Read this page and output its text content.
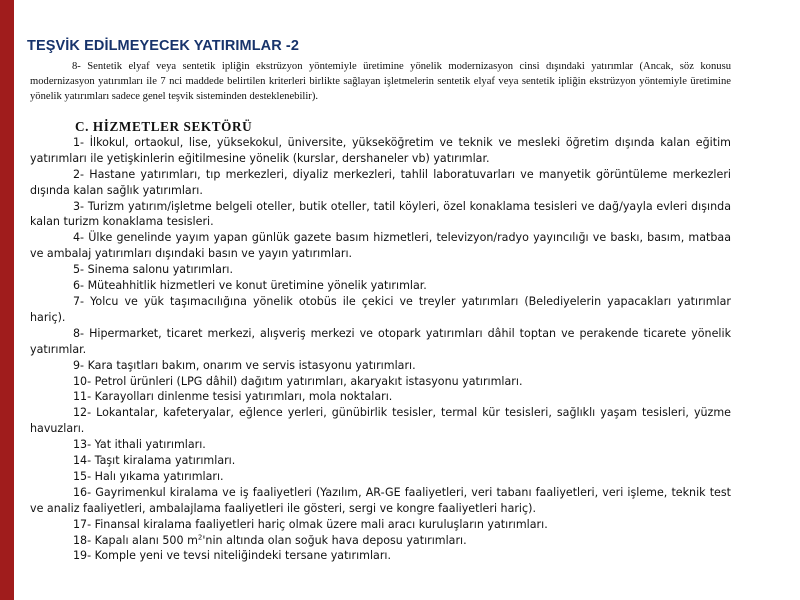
TEŞVİK EDİLMEYECEK YATIRIMLAR -2

8- Sentetik elyaf veya sentetik ipliğin ekstrüzyon yöntemiyle üretimine yönelik modernizasyon cinsi dışındaki yatırımlar (Ancak, söz konusu modernizasyon yatırımları ile 7 nci maddede belirtilen kriterleri birlikte sağlayan işletmelerin sentetik elyaf veya sentetik ipliğin ekstrüzyon yöntemiyle üretimine yönelik yatırımları sadece genel teşvik sisteminden desteklenebilir).

C. HİZMETLER SEKTÖRÜ

1- İlkokul, ortaokul, lise, yüksekokul, üniversite, yükseköğretim ve teknik ve mesleki öğretim dışında kalan eğitim yatırımları ile yetişkinlerin eğitilmesine yönelik (kurslar, dershaneler vb) yatırımlar.

2- Hastane yatırımları, tıp merkezleri, diyaliz merkezleri, tahlil laboratuvarları ve manyetik görüntüleme merkezleri dışında kalan sağlık yatırımları.

3- Turizm yatırım/işletme belgeli oteller, butik oteller, tatil köyleri, özel konaklama tesisleri ve dağ/yayla evleri dışında kalan turizm konaklama tesisleri.

4- Ülke genelinde yayım yapan günlük gazete basım hizmetleri, televizyon/radyo yayıncılığı ve baskı, basım, matbaa ve ambalaj yatırımları dışındaki basın ve yayın yatırımları.

5- Sinema salonu yatırımları.

6- Müteahhitlik hizmetleri ve konut üretimine yönelik yatırımlar.

7- Yolcu ve yük taşımacılığına yönelik otobüs ile çekici ve treyler yatırımları (Belediyelerin yapacakları yatırımlar hariç).

8- Hipermarket, ticaret merkezi, alışveriş merkezi ve otopark yatırımları dâhil toptan ve perakende ticarete yönelik yatırımlar.

9- Kara taşıtları bakım, onarım ve servis istasyonu yatırımları.

10- Petrol ürünleri (LPG dâhil) dağıtım yatırımları, akaryakıt istasyonu yatırımları.

11- Karayolları dinlenme tesisi yatırımları, mola noktaları.

12- Lokantalar, kafeteryalar, eğlence yerleri, günübirlik tesisler, termal kür tesisleri, sağlıklı yaşam tesisleri, yüzme havuzları.

13- Yat ithali yatırımları.

14- Taşıt kiralama yatırımları.

15- Halı yıkama yatırımları.

16- Gayrimenkul kiralama ve iş faaliyetleri (Yazılım, AR-GE faaliyetleri, veri tabanı faaliyetleri, veri işleme, teknik test ve analiz faaliyetleri, ambalajlama faaliyetleri ile gösteri, sergi ve kongre faaliyetleri hariç).

17- Finansal kiralama faaliyetleri hariç olmak üzere mali aracı kuruluşların yatırımları.

18- Kapalı alanı 500 $m^2'nin$ altında olan soğuk hava deposu yatırımları.

19- Komple yeni ve tevsi niteliğindeki tersane yatırımları.
